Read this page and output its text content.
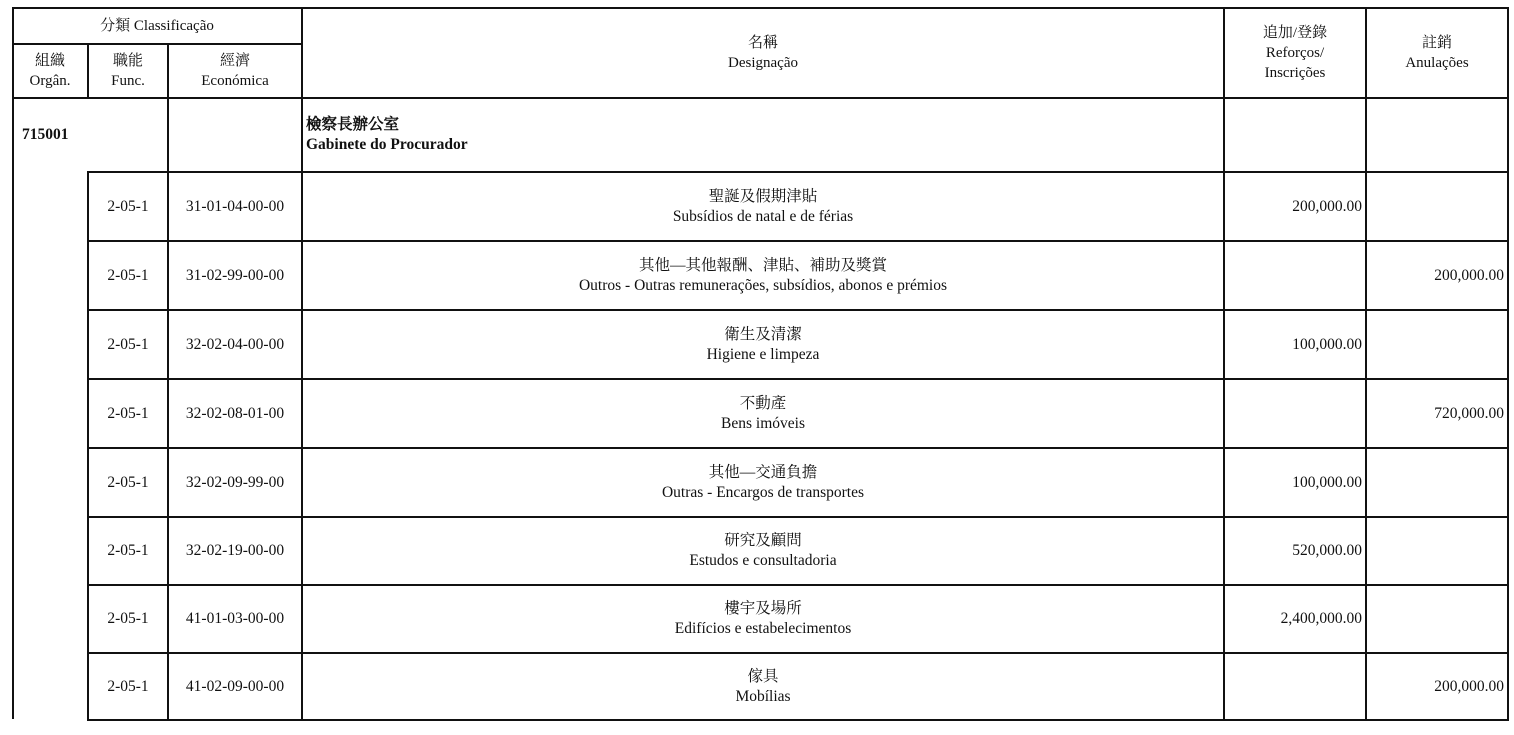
分類 Classificação
組織
Orgân.
職能
Func.
經濟
Económica
名稱
Designação
追加/登錄
Reforços/
Inscrições
註銷
Anulações
715001
檢察長辦公室
Gabinete do Procurador
2-05-1 31-01-04-00-00
聖誕及假期津貼
Subsídios de natal e de férias
200,000.00
2-05-1 31-02-99-00-00
其他—其他報酬、津貼、補助及獎賞
Outros - Outras remunerações, subsídios, abonos e prémios
200,000.00
2-05-1 32-02-04-00-00
衛生及清潔
Higiene e limpeza
100,000.00
2-05-1 32-02-08-01-00
不動產
Bens imóveis
720,000.00
2-05-1 32-02-09-99-00
其他—交通負擔
Outras - Encargos de transportes
100,000.00
2-05-1 32-02-19-00-00
研究及顧問
Estudos e consultadoria
520,000.00
2-05-1 41-01-03-00-00
樓宇及場所
Edifícios e estabelecimentos
2,400,000.00
2-05-1 41-02-09-00-00
傢具
Mobílias
200,000.00
